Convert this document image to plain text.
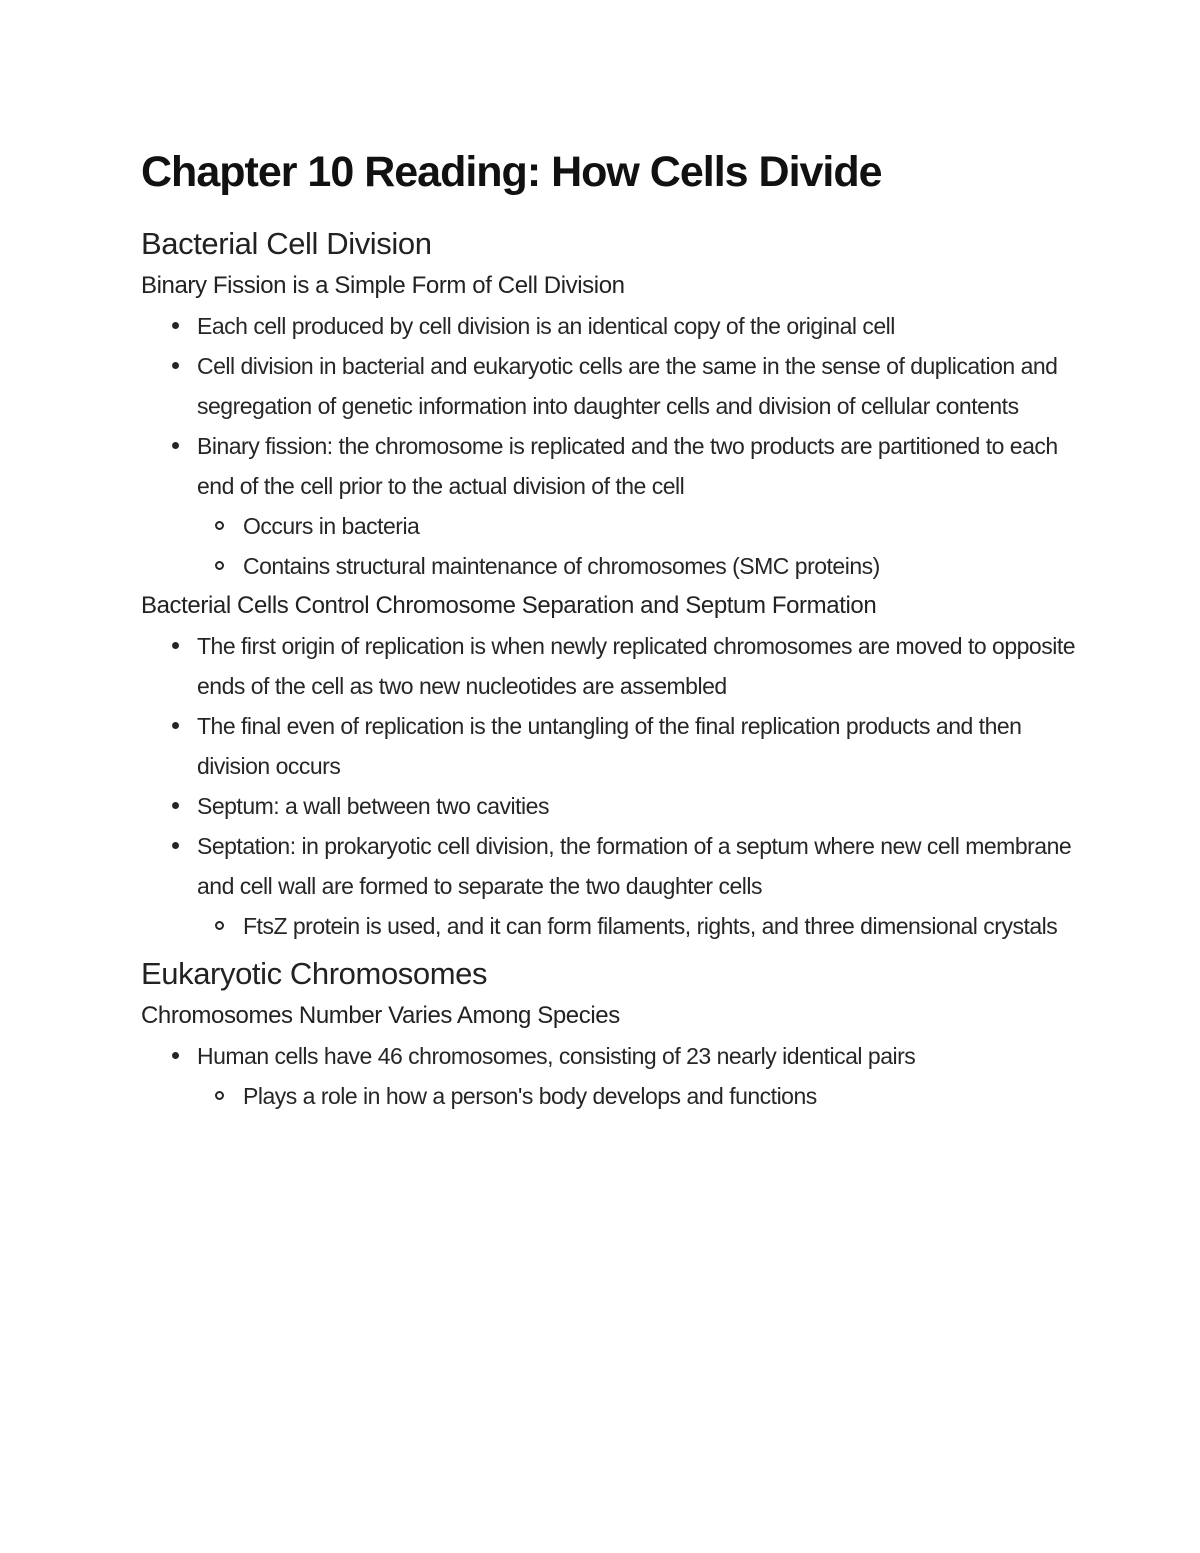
Chapter 10 Reading: How Cells Divide
Bacterial Cell Division
Binary Fission is a Simple Form of Cell Division
Each cell produced by cell division is an identical copy of the original cell
Cell division in bacterial and eukaryotic cells are the same in the sense of duplication and segregation of genetic information into daughter cells and division of cellular contents
Binary fission: the chromosome is replicated and the two products are partitioned to each end of the cell prior to the actual division of the cell
Occurs in bacteria
Contains structural maintenance of chromosomes (SMC proteins)
Bacterial Cells Control Chromosome Separation and Septum Formation
The first origin of replication is when newly replicated chromosomes are moved to opposite ends of the cell as two new nucleotides are assembled
The final even of replication is the untangling of the final replication products and then division occurs
Septum: a wall between two cavities
Septation: in prokaryotic cell division, the formation of a septum where new cell membrane and cell wall are formed to separate the two daughter cells
FtsZ protein is used, and it can form filaments, rights, and three dimensional crystals
Eukaryotic Chromosomes
Chromosomes Number Varies Among Species
Human cells have 46 chromosomes, consisting of 23 nearly identical pairs
Plays a role in how a person's body develops and functions
